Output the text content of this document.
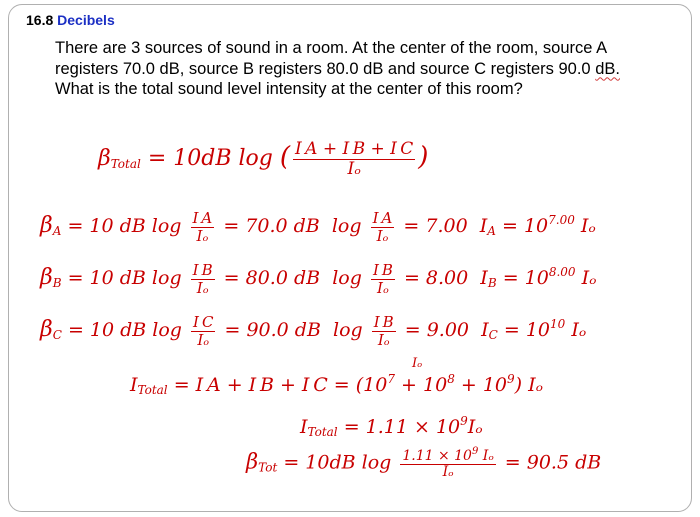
16.8 Decibels
There are 3 sources of sound in a room. At the center of the room, source A registers 70.0 dB, source B registers 80.0 dB and source C registers 90.0 dB. What is the total sound level intensity at the center of this room?
βTotal = 10dB log ( $\frac{\text{I A + I B + I C}}{\text{Iₒ}}$ )
βA = 10 dB $\log \frac{\text{I A}}{\text{Iₒ}} = 70.0$ dB $\log \frac{\text{I A}}{\text{Iₒ}} = 7.00$ IA = $10^{7.00}$ Iₒ
βB = 10 dB $\log \frac{\text{I B}}{\text{Iₒ}} = 80.0$ dB $\log \frac{\text{I B}}{\text{Iₒ}} = 8.00$ IB = $10^{8.00}$ Iₒ
βC = 10 dB $\log \frac{\text{I C}}{\text{Iₒ}} = 90.0$ dB $\log \frac{\text{I B}}{\text{Iₒ}} = 9.00$ IC = $10^{10}$ Iₒ
ITotal = I A + I B + I $C = (10^7 + 10^8 + 10^9)$ Iₒ
Iₒ
ITotal = $1.11 \times 10^9I_o$
βTot = 10dB $\log \frac{1.11 \times 10^9 I_o}{\text{Iₒ}} = 90.5$ dB
